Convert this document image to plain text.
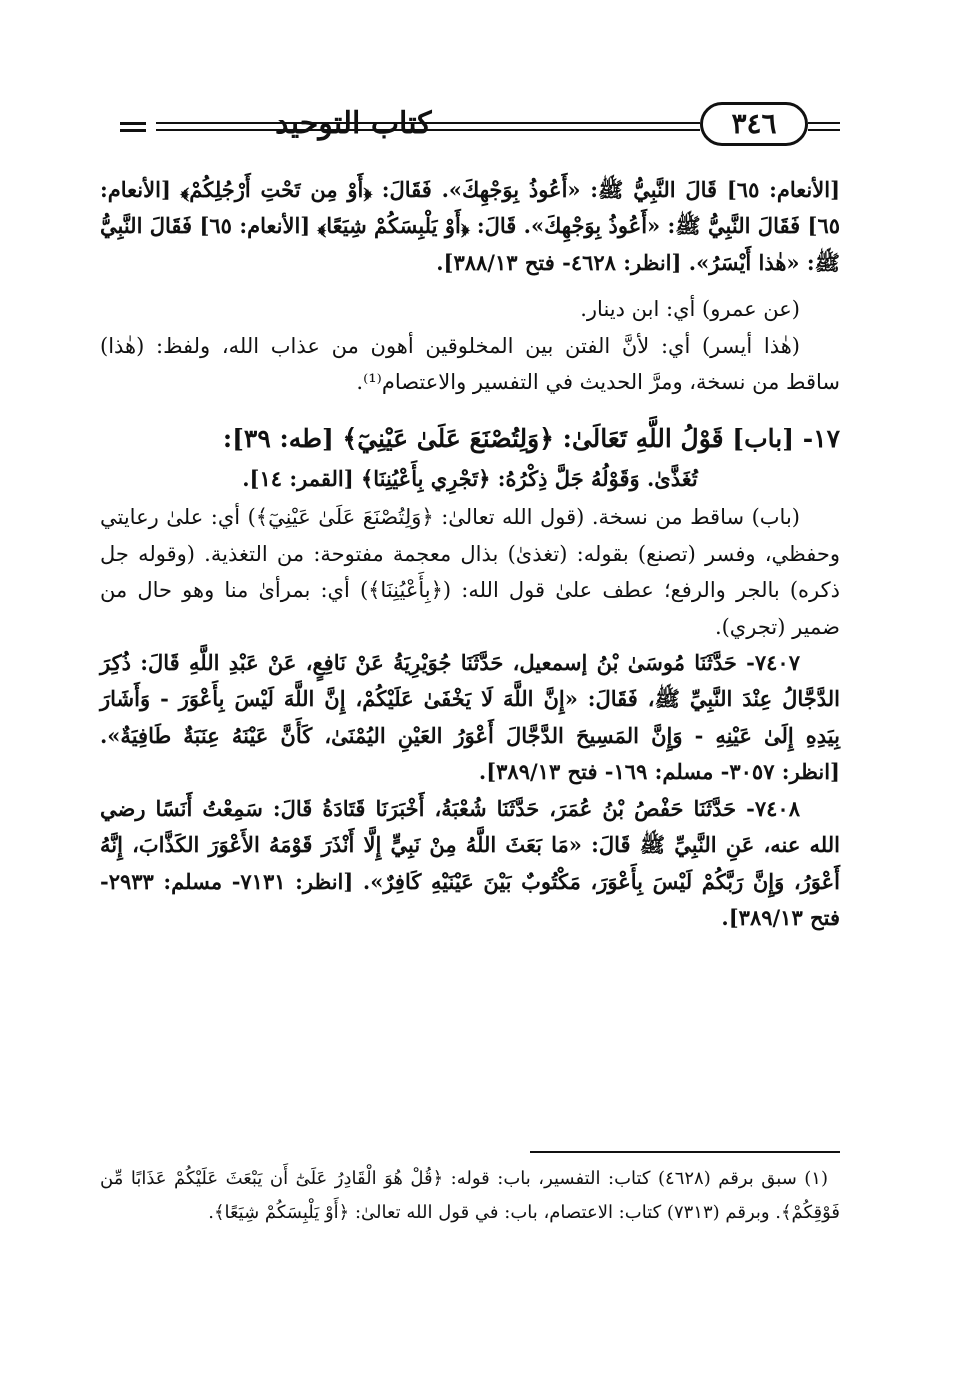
كتاب التوحيد	٣٤٦

[الأنعام: ٦٥] قَالَ النَّبِيُّ ﷺ: «أَعُوذُ بِوَجْهِكَ». فَقَالَ: ﴿أَوْ مِن تَحْتِ أَرْجُلِكُمْ﴾ [الأنعام: ٦٥] فَقَالَ النَّبِيُّ ﷺ: «أَعُوذُ بِوَجْهِكَ». قَالَ: ﴿أَوْ يَلْبِسَكُمْ شِيَعًا﴾ [الأنعام: ٦٥] فَقَالَ النَّبِيُّ ﷺ: «هٰذا أَيْسَرُ». [انظر: ٤٦٢٨- فتح ٣٨٨/١٣].

(عن عمرو) أي: ابن دينار.

(هٰذا أيسر) أي: لأنَّ الفتن بين المخلوقين أهون من عذاب الله، ولفظ: (هٰذا) ساقط من نسخة، ومرَّ الحديث في التفسير والاعتصام⁽¹⁾.

١٧- [باب] قَوْلُ اللَّهِ تَعَالَىٰ: ﴿وَلِتُصْنَعَ عَلَىٰ عَيْنِيٓ﴾ [طه: ٣٩]:

تُغَذَّىٰ. وَقَوْلُهُ جَلَّ ذِكْرُهُ: ﴿تَجْرِي بِأَعْيُنِنَا﴾ [القمر: ١٤].

(باب) ساقط من نسخة. (قول الله تعالىٰ: ﴿وَلِتُصْنَعَ عَلَىٰ عَيْنِيٓ﴾) أي: علىٰ رعايتي وحفظي، وفسر (تصنع) بقوله: (تغذىٰ) بذال معجمة مفتوحة: من التغذية. (وقوله جل ذكره) بالجر والرفع؛ عطف علىٰ قول الله: (﴿بِأَعْيُنِنَا﴾) أي: بمرأىٰ منا وهو حال من ضمير (تجري).

٧٤٠٧- حَدَّثَنَا مُوسَىٰ بْنُ إسمعيل، حَدَّثَنَا جُوَيْرِيَةُ عَنْ نَافِعٍ، عَنْ عَبْدِ اللَّهِ قَالَ: ذُكِرَ الدَّجَّالُ عِنْدَ النَّبِيِّ ﷺ، فَقَالَ: «إِنَّ اللَّهَ لَا يَخْفَىٰ عَلَيْكُمْ، إِنَّ اللَّهَ لَيْسَ بِأَعْوَرَ - وَأَشَارَ بِيَدِهِ إِلَىٰ عَيْنِهِ - وَإِنَّ المَسِيحَ الدَّجَّالَ أَعْوَرُ العَيْنِ اليُمْنَىٰ، كَأَنَّ عَيْنَهُ عِنَبَةٌ طَافِيَةٌ». [انظر: ٣٠٥٧- مسلم: ١٦٩- فتح ٣٨٩/١٣].

٧٤٠٨- حَدَّثَنَا حَفْصُ بْنُ عُمَرَ، حَدَّثَنَا شُعْبَةُ، أَخْبَرَنَا قَتَادَةُ قَالَ: سَمِعْتُ أَنَسًا رضي الله عنه، عَنِ النَّبِيِّ ﷺ قَالَ: «مَا بَعَثَ اللَّهُ مِنْ نَبِيٍّ إِلَّا أَنْذَرَ قَوْمَهُ الأَعْوَرَ الكَذَّابَ، إِنَّهُ أَعْوَرُ، وَإِنَّ رَبَّكُمْ لَيْسَ بِأَعْوَرَ، مَكْتُوبٌ بَيْنَ عَيْنَيْهِ كَافِرٌ». [انظر: ٧١٣١- مسلم: ٢٩٣٣- فتح ٣٨٩/١٣].

(١) سبق برقم (٤٦٢٨) كتاب: التفسير، باب: قوله: ﴿قُلْ هُوَ الْقَادِرُ عَلَىٰٓ أَن يَبْعَثَ عَلَيْكُمْ عَذَابًا مِّن فَوْقِكُمْ﴾. وبرقم (٧٣١٣) كتاب: الاعتصام، باب: في قول الله تعالىٰ: ﴿أَوْ يَلْبِسَكُمْ شِيَعًا﴾.
